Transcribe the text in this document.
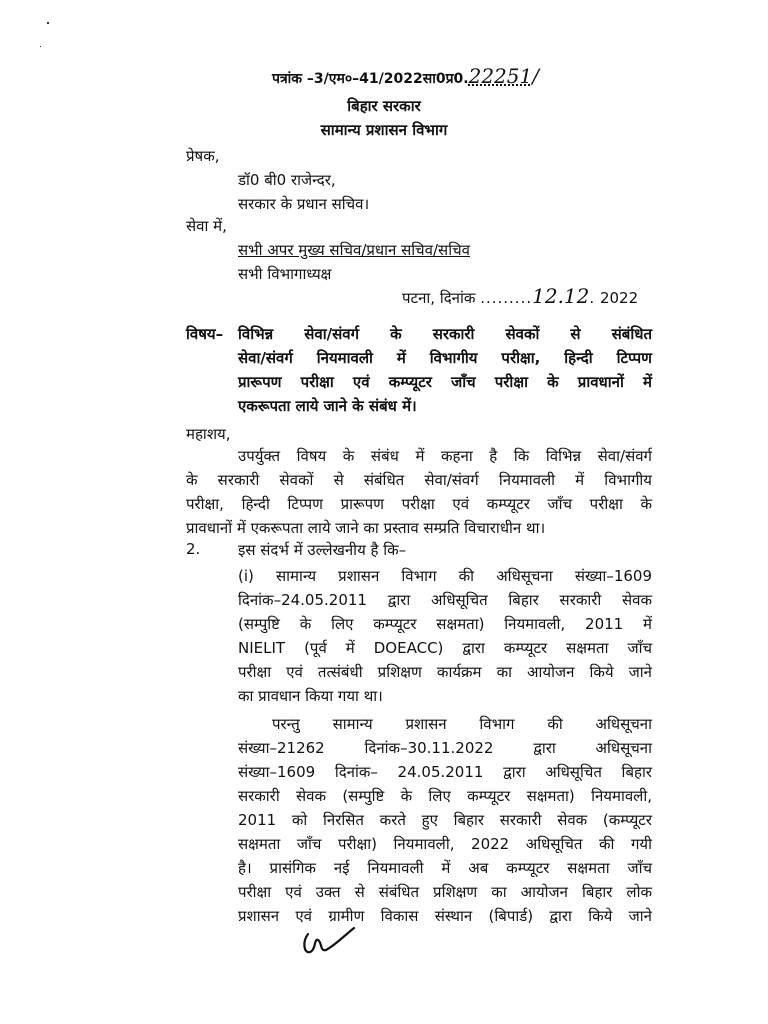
पत्रांक –3/एम०–41/2022सा0प्र0.22251/
बिहार सरकार
सामान्य प्रशासन विभाग
प्रेषक,
डॉ0 बी0 राजेन्दर,
सरकार के प्रधान सचिव।
सेवा में,
सभी अपर मुख्य सचिव/प्रधान सचिव/सचिव
सभी विभागाध्यक्ष
पटना, दिनांक .........12.12. 2022
विषय– विभिन्न सेवा/संवर्ग के सरकारी सेवकों से संबंधित
सेवा/संवर्ग नियमावली में विभागीय परीक्षा, हिन्दी टिप्पण
प्रारूपण परीक्षा एवं कम्प्यूटर जाँच परीक्षा के प्रावधानों में
एकरूपता लाये जाने के संबंध में।
महाशय,
उपर्युक्त विषय के संबंध में कहना है कि विभिन्न सेवा/संवर्ग
के सरकारी सेवकों से संबंधित सेवा/संवर्ग नियमावली में विभागीय
परीक्षा, हिन्दी टिप्पण प्रारूपण परीक्षा एवं कम्प्यूटर जाँच परीक्षा के
प्रावधानों में एकरूपता लाये जाने का प्रस्ताव सम्प्रति विचाराधीन था।
2.	इस संदर्भ में उल्लेखनीय है कि–
(i) सामान्य प्रशासन विभाग की अधिसूचना संख्या–1609
दिनांक–24.05.2011 द्वारा अधिसूचित बिहार सरकारी सेवक
(सम्पुष्टि के लिए कम्प्यूटर सक्षमता) नियमावली, 2011 में
NIELIT (पूर्व में DOEACC) द्वारा कम्प्यूटर सक्षमता जाँच
परीक्षा एवं तत्संबंधी प्रशिक्षण कार्यक्रम का आयोजन किये जाने
का प्रावधान किया गया था।
परन्तु सामान्य प्रशासन विभाग की अधिसूचना
संख्या–21262 दिनांक–30.11.2022 द्वारा अधिसूचना
संख्या–1609 दिनांक– 24.05.2011 द्वारा अधिसूचित बिहार
सरकारी सेवक (सम्पुष्टि के लिए कम्प्यूटर सक्षमता) नियमावली,
2011 को निरसित करते हुए बिहार सरकारी सेवक (कम्प्यूटर
सक्षमता जाँच परीक्षा) नियमावली, 2022 अधिसूचित की गयी
है। प्रासंगिक नई नियमावली में अब कम्प्यूटर सक्षमता जाँच
परीक्षा एवं उक्त से संबंधित प्रशिक्षण का आयोजन बिहार लोक
प्रशासन एवं ग्रामीण विकास संस्थान (बिपार्ड) द्वारा किये जाने
